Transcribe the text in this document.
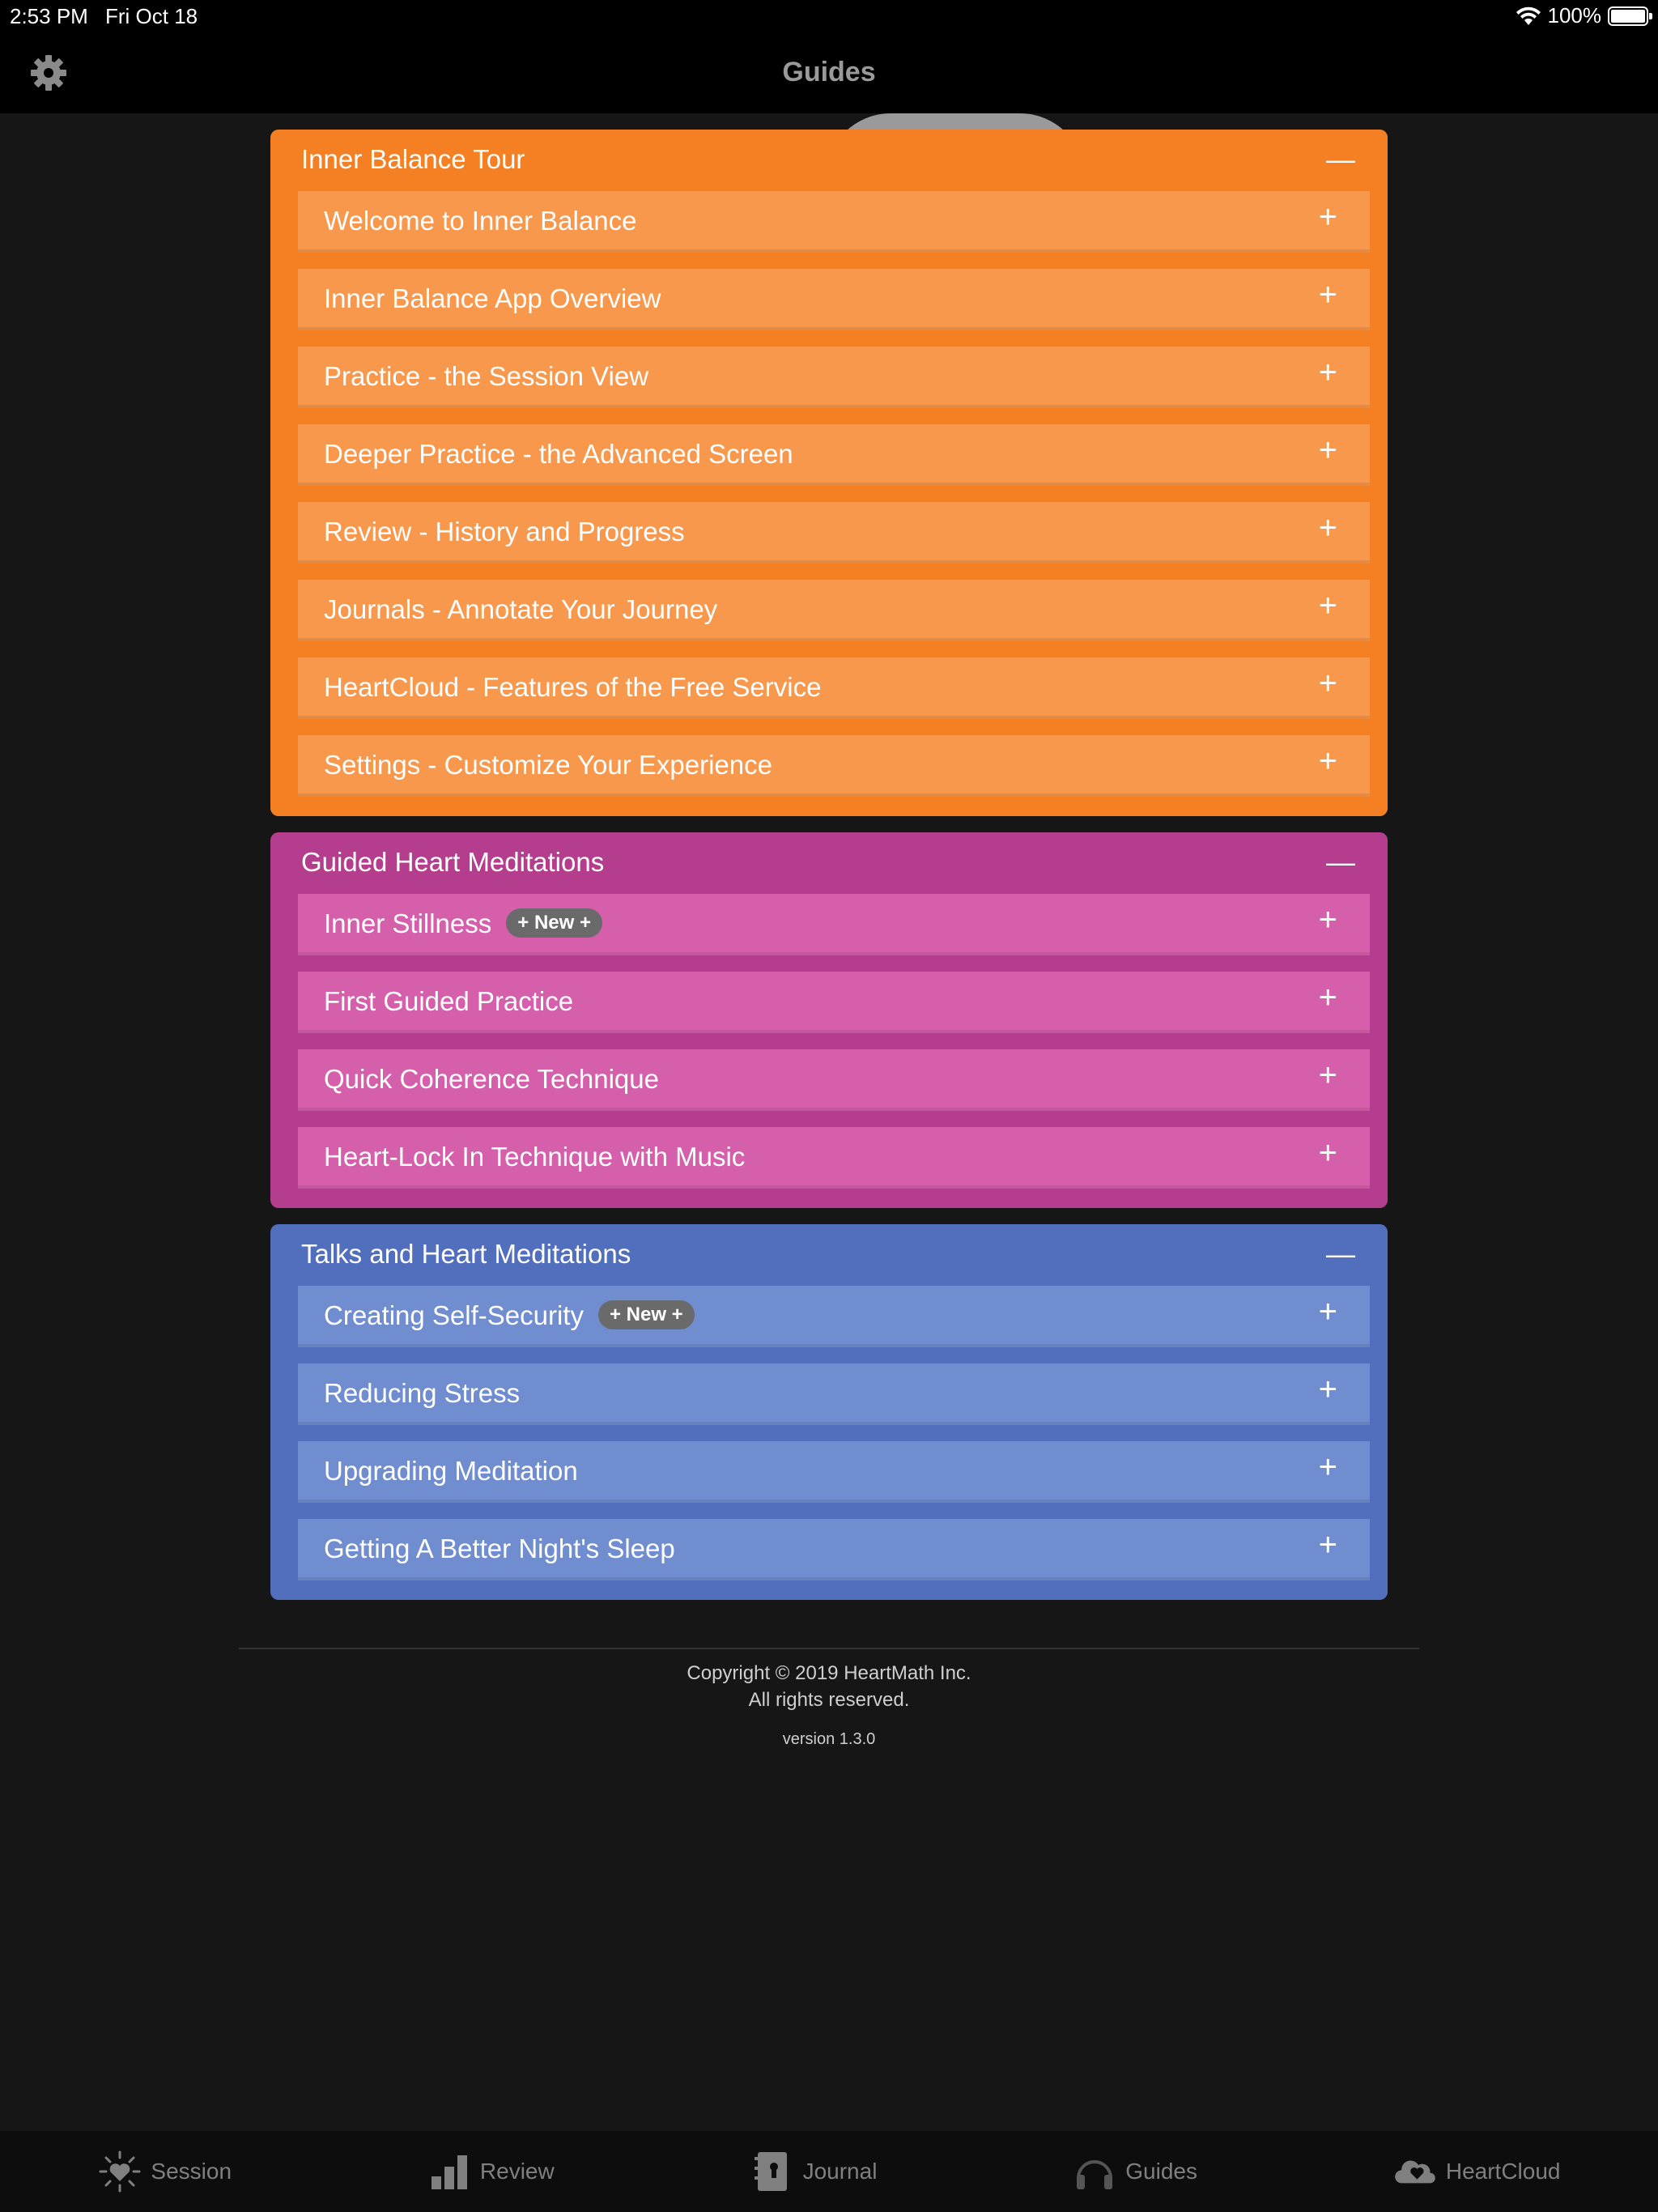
2:53 PM Fri Oct 18	100%
Guides
Inner Balance Tour	—
Welcome to Inner Balance	+
Inner Balance App Overview	+
Practice - the Session View	+
Deeper Practice - the Advanced Screen	+
Review - History and Progress	+
Journals - Annotate Your Journey	+
HeartCloud - Features of the Free Service	+
Settings - Customize Your Experience	+
Guided Heart Meditations	—
Inner Stillness + New +	+
First Guided Practice	+
Quick Coherence Technique	+
Heart-Lock In Technique with Music	+
Talks and Heart Meditations	—
Creating Self-Security + New +	+
Reducing Stress	+
Upgrading Meditation	+
Getting A Better Night's Sleep	+
Copyright © 2019 HeartMath Inc.
All rights reserved.
version 1.3.0
Session	Review	Journal	Guides	HeartCloud
